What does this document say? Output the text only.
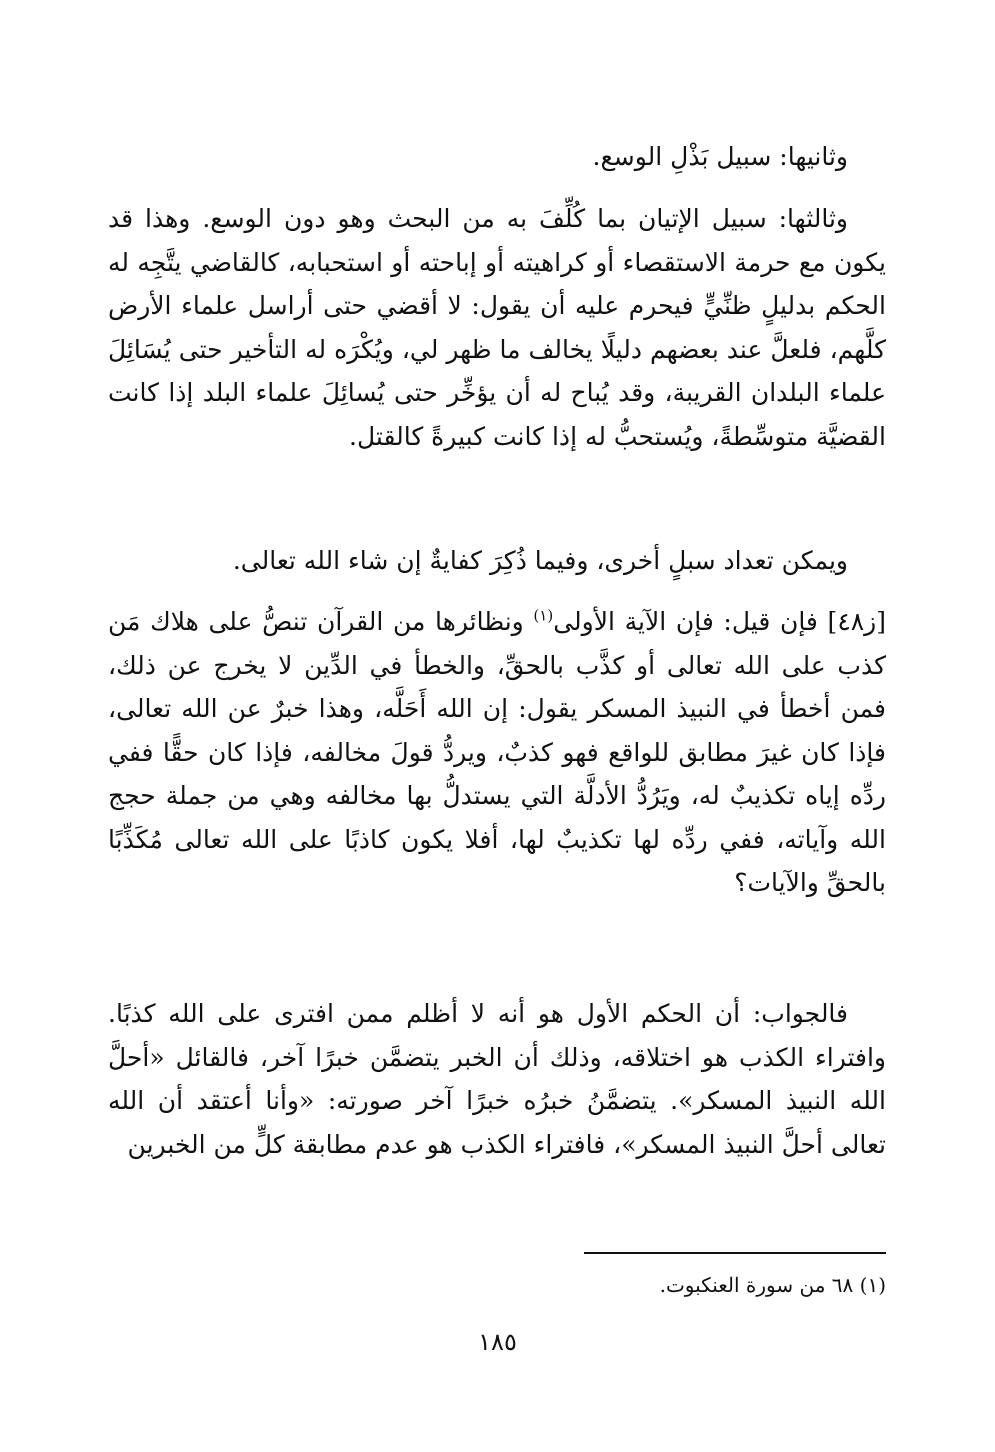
وثانيها: سبيل بَذْلِ الوسع.

وثالثها: سبيل الإتيان بما كُلِّفَ به من البحث وهو دون الوسع. وهذا قد يكون مع حرمة الاستقصاء أو كراهيته أو إباحته أو استحبابه، كالقاضي يتَّجِه له الحكم بدليلٍ ظنِّيٍّ فيحرم عليه أن يقول: لا أقضي حتى أراسل علماء الأرض كلَّهم، فلعلَّ عند بعضهم دليلًا يخالف ما ظهر لي، ويُكْرَه له التأخير حتى يُسَائِلَ علماء البلدان القريبة، وقد يُباح له أن يؤخِّر حتى يُسائِلَ علماء البلد إذا كانت القضيَّة متوسِّطةً، ويُستحبُّ له إذا كانت كبيرةً كالقتل.

ويمكن تعداد سبلٍ أخرى، وفيما ذُكِرَ كفايةٌ إن شاء الله تعالى.

[ز٤٨] فإن قيل: فإن الآية الأولى$^{(١)}$ ونظائرها من القرآن تنصُّ على هلاك مَن كذب على الله تعالى أو كذَّب بالحقِّ، والخطأ في الدِّين لا يخرج عن ذلك، فمن أخطأ في النبيذ المسكر يقول: إن الله أَحَلَّه، وهذا خبرٌ عن الله تعالى، فإذا كان غيرَ مطابق للواقع فهو كذبٌ، ويردُّ قولَ مخالفه، فإذا كان حقًّا ففي ردِّه إياه تكذيبٌ له، ويَرُدُّ الأدلَّة التي يستدلُّ بها مخالفه وهي من جملة حجج الله وآياته، ففي ردِّه لها تكذيبٌ لها، أفلا يكون كاذبًا على الله تعالى مُكَذِّبًا بالحقِّ والآيات؟

فالجواب: أن الحكم الأول هو أنه لا أظلم ممن افترى على الله كذبًا. وافتراء الكذب هو اختلاقه، وذلك أن الخبر يتضمَّن خبرًا آخر، فالقائل «أحلَّ الله النبيذ المسكر». يتضمَّنُ خبرُه خبرًا آخر صورته: «وأنا أعتقد أن الله تعالى أحلَّ النبيذ المسكر»، فافتراء الكذب هو عدم مطابقة كلٍّ من الخبرين

(١) ٦٨ من سورة العنكبوت.

١٨٥
